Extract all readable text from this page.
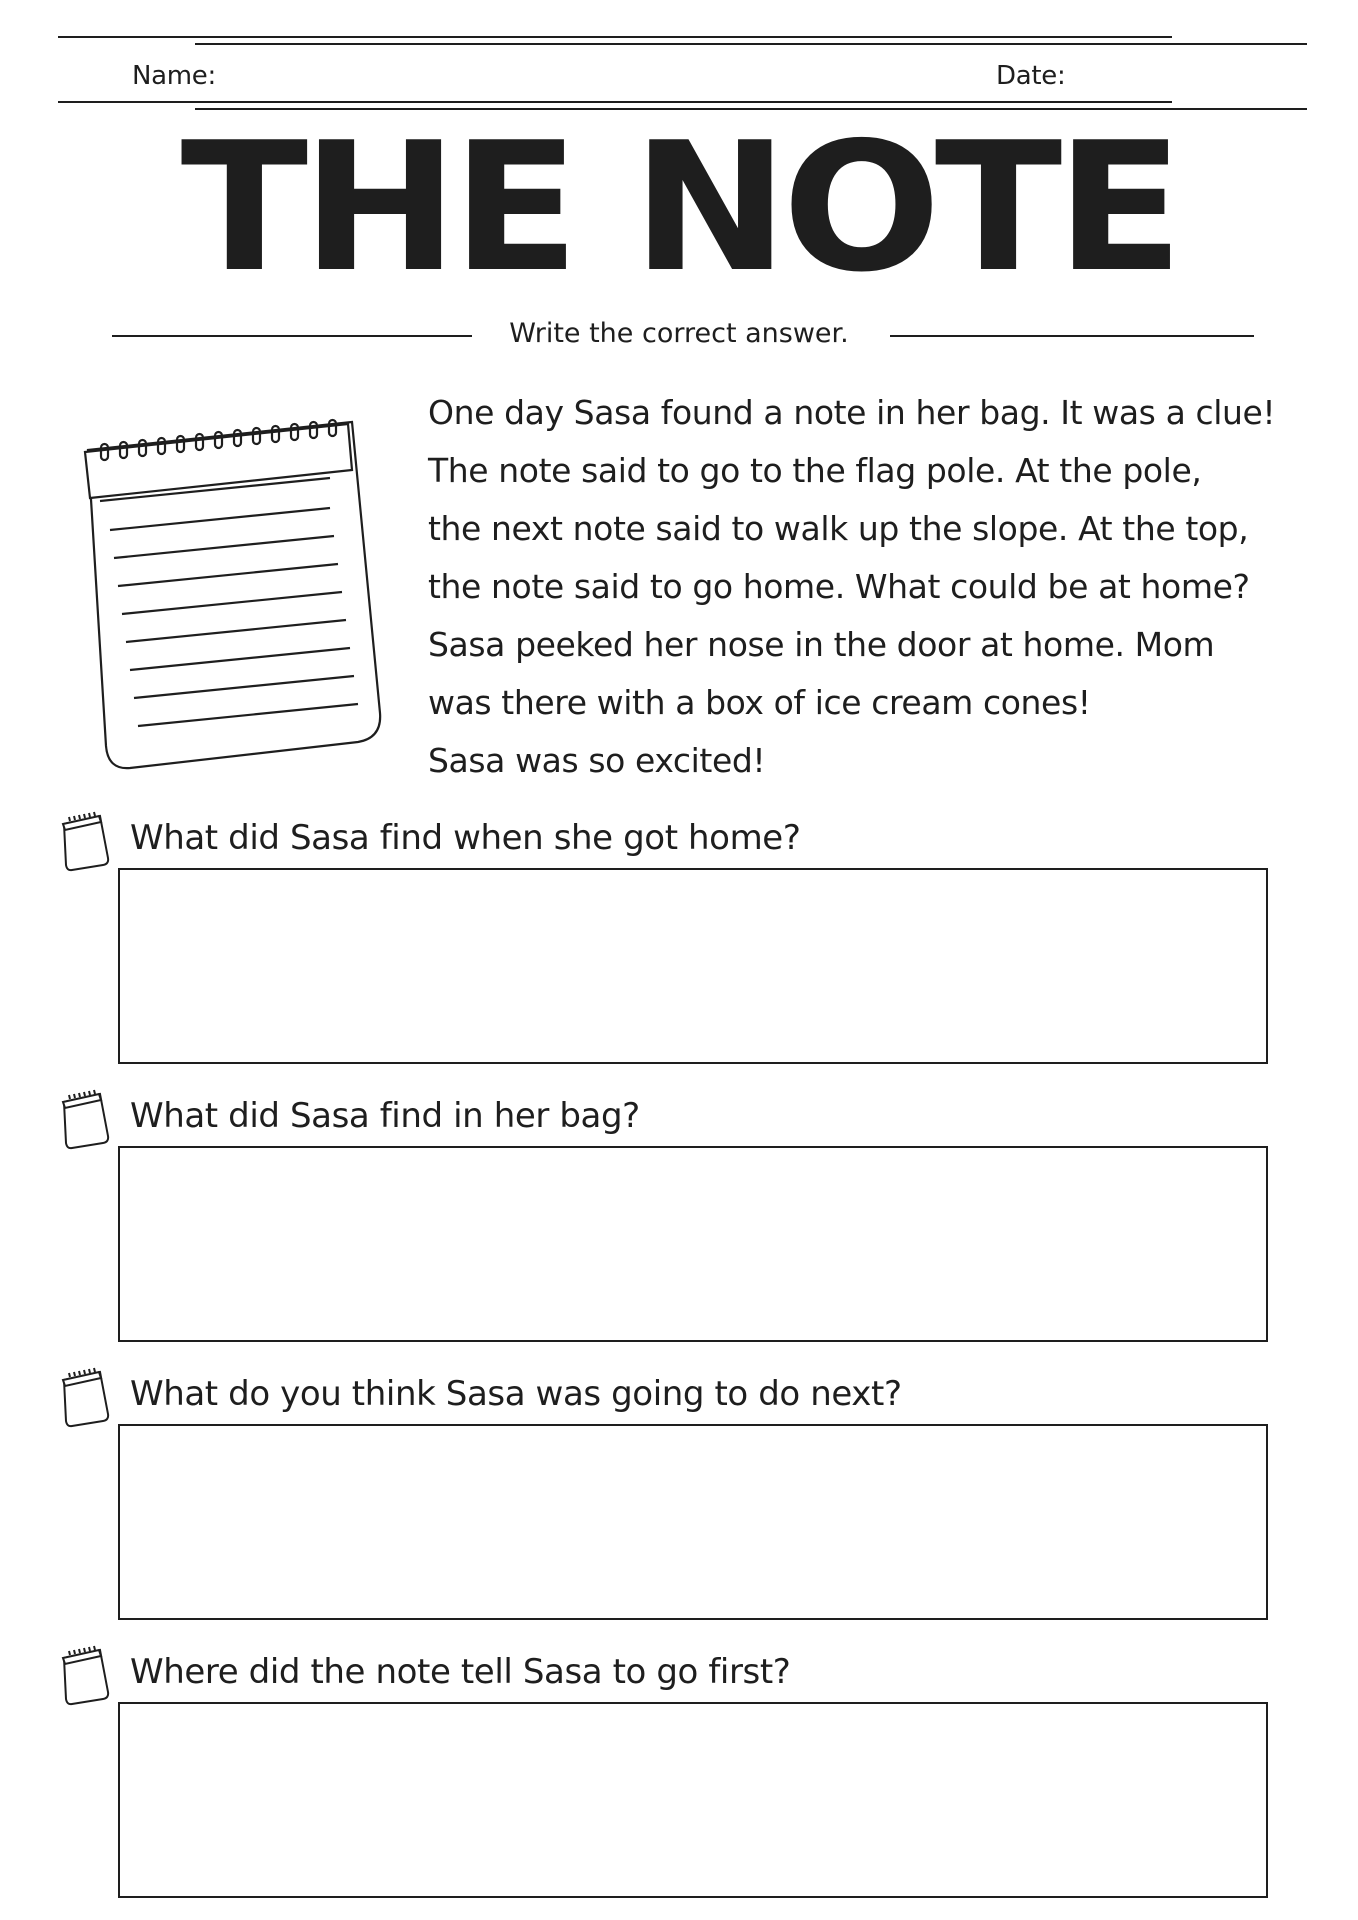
Name:	Date:
THE NOTE
Write the correct answer.
One day Sasa found a note in her bag. It was a clue!
The note said to go to the flag pole. At the pole,
the next note said to walk up the slope. At the top,
the note said to go home. What could be at home?
Sasa peeked her nose in the door at home. Mom
was there with a box of ice cream cones!
Sasa was so excited!
What did Sasa find when she got home?
What did Sasa find in her bag?
What do you think Sasa was going to do next?
Where did the note tell Sasa to go first?
